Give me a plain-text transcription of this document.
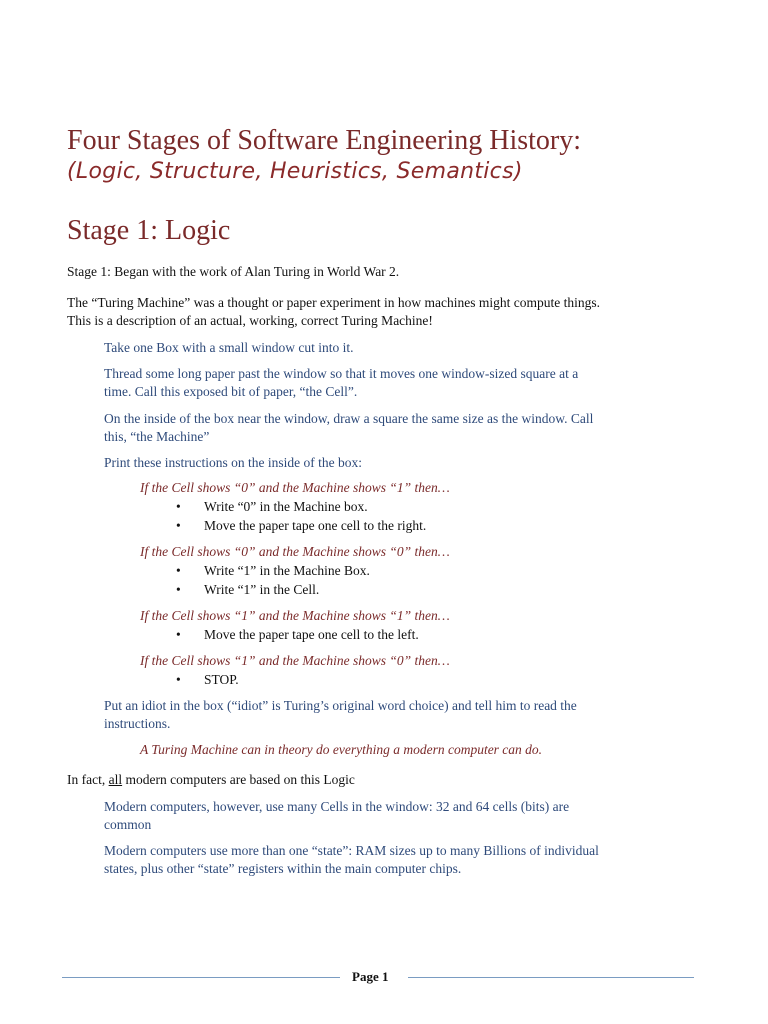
Four Stages of Software Engineering History:
(Logic, Structure, Heuristics, Semantics)
Stage 1: Logic

Stage 1: Began with the work of Alan Turing in World War 2.

The “Turing Machine” was a thought or paper experiment in how machines might compute things.

This is a description of an actual, working, correct Turing Machine!

Take one Box with a small window cut into it.

Thread some long paper past the window so that it moves one window-sized square at a

time. Call this exposed bit of paper, “the Cell”.

On the inside of the box near the window, draw a square the same size as the window. Call

this, “the Machine”

Print these instructions on the inside of the box:

If the Cell shows “0” and the Machine shows “1” then…

• Write “0” in the Machine box.

• Move the paper tape one cell to the right.

If the Cell shows “0” and the Machine shows “0” then…

• Write “1” in the Machine Box.

• Write “1” in the Cell.

If the Cell shows “1” and the Machine shows “1” then…

• Move the paper tape one cell to the left.

If the Cell shows “1” and the Machine shows “0” then…

• STOP.

Put an idiot in the box (“idiot” is Turing’s original word choice) and tell him to read the

instructions.

A Turing Machine can in theory do everything a modern computer can do.

In fact, all modern computers are based on this Logic

Modern computers, however, use many Cells in the window: 32 and 64 cells (bits) are

common

Modern computers use more than one “state”: RAM sizes up to many Billions of individual

states, plus other “state” registers within the main computer chips.

Page 1
